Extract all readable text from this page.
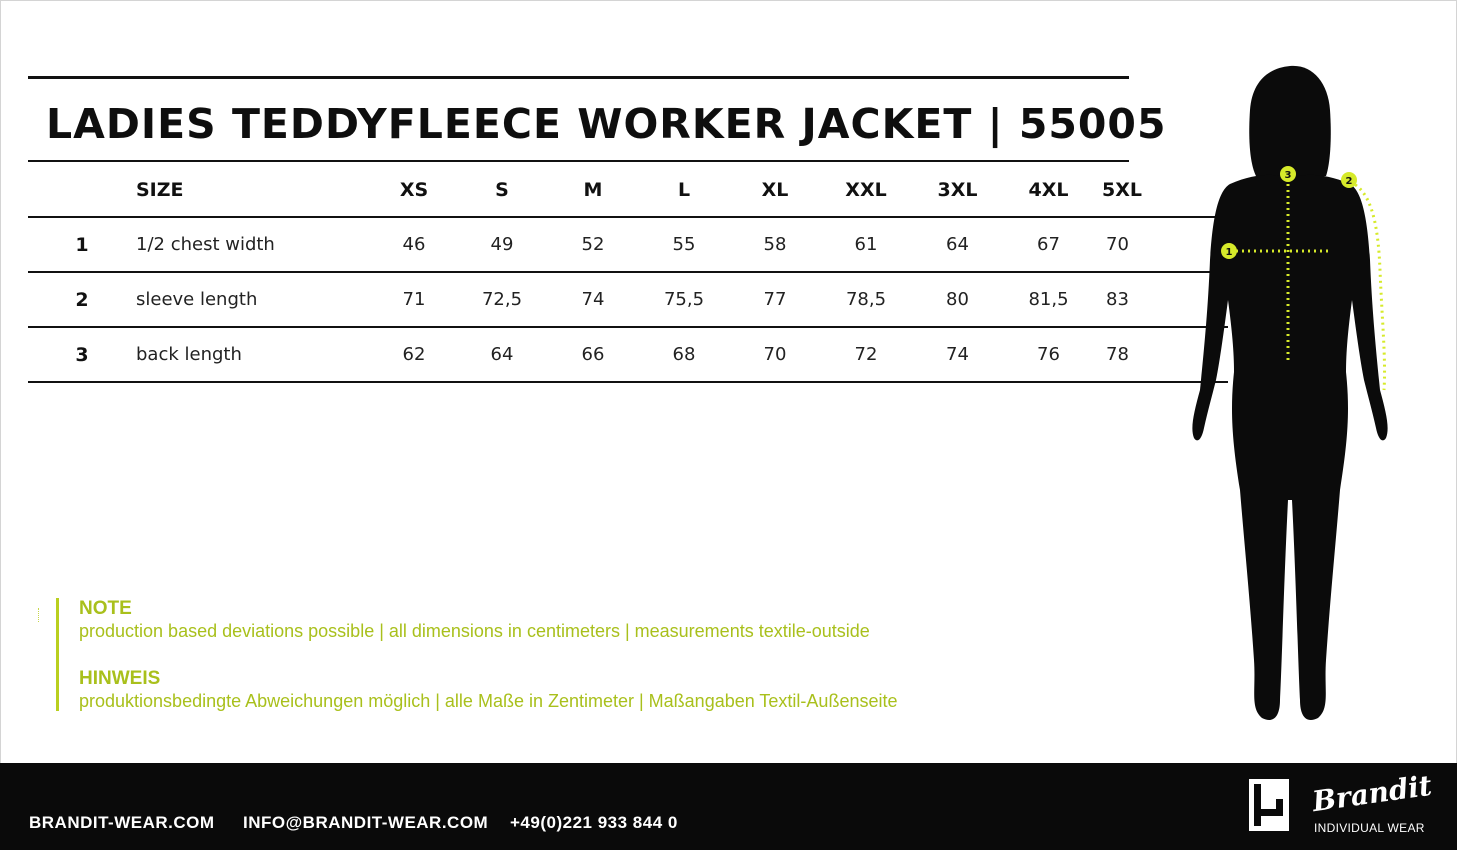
LADIES TEDDYFLEECE WORKER JACKET | 55005
	SIZE	XS	S	M	L	XL	XXL	3XL	4XL	5XL
1	1/2 chest width	46	49	52	55	58	61	64	67	70
2	sleeve length	71	72,5	74	75,5	77	78,5	80	81,5	83
3	back length	62	64	66	68	70	72	74	76	78
NOTE
production based deviations possible | all dimensions in centimeters | measurements textile-outside
HINWEIS
produktionsbedingte Abweichungen möglich | alle Maße in Zentimeter | Maßangaben Textil-Außenseite
1
2
3
BRANDIT-WEAR.COM INFO@BRANDIT-WEAR.COM +49(0)221 933 844 0
Brandit
INDIVIDUAL WEAR
